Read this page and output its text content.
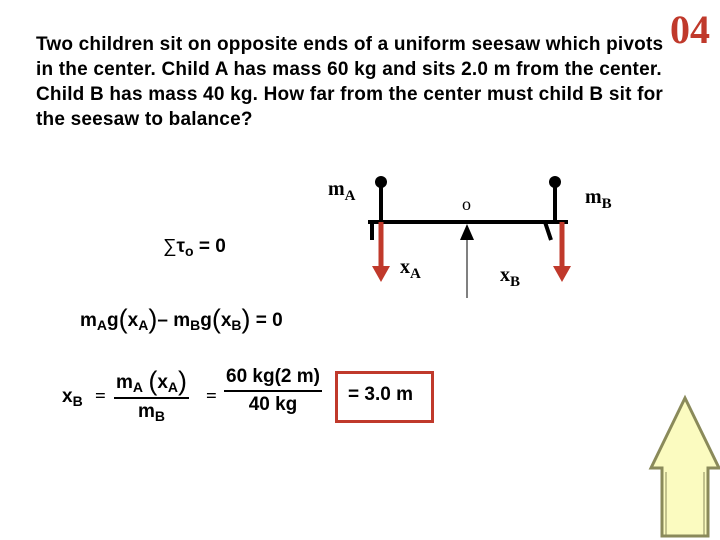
04
Two children sit on opposite ends of a uniform seesaw which pivots in the center. Child A has mass 60 kg and sits 2.0 m from the center. Child B has mass 40 kg. How far from the center must child B sit for the seesaw to balance?
$m_A$	$m_B$
o
$x_A$	$x_B$
$\sum\tau_o = 0$
$m_Ag(x_A)-$ $m_Bg(x_B) = 0$
$x_B = \frac{m_A (x_A)}{m_B} = \frac{60 kg(2 m)}{40 kg} = 3.0$ m
